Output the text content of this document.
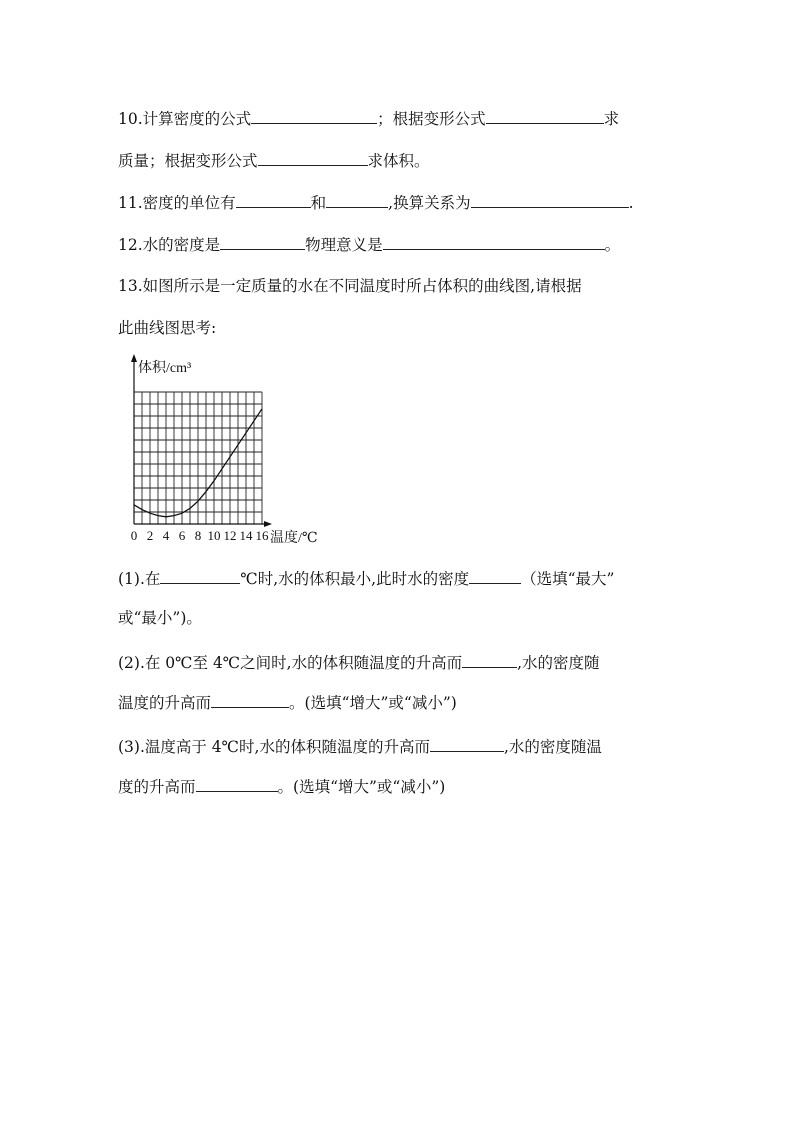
10.计算密度的公式	；根据变形公式	求
质量；根据变形公式	求体积。
11.密度的单位有	和	,换算关系为	.
12.水的密度是	物理意义是	。
13.如图所示是一定质量的水在不同温度时所占体积的曲线图,请根据
此曲线图思考:
体积/cm³
温度/℃
0 2 4 6 8 10 12 14 16
(1).在	℃时,水的体积最小,此时水的密度	（选填“最大”
或“最小”)。
(2).在 0℃至 4℃之间时,水的体积随温度的升高而	,水的密度随
温度的升高而	。(选填“增大”或“减小”)
(3).温度高于 4℃时,水的体积随温度的升高而	,水的密度随温
度的升高而	。(选填“增大”或“减小”)
